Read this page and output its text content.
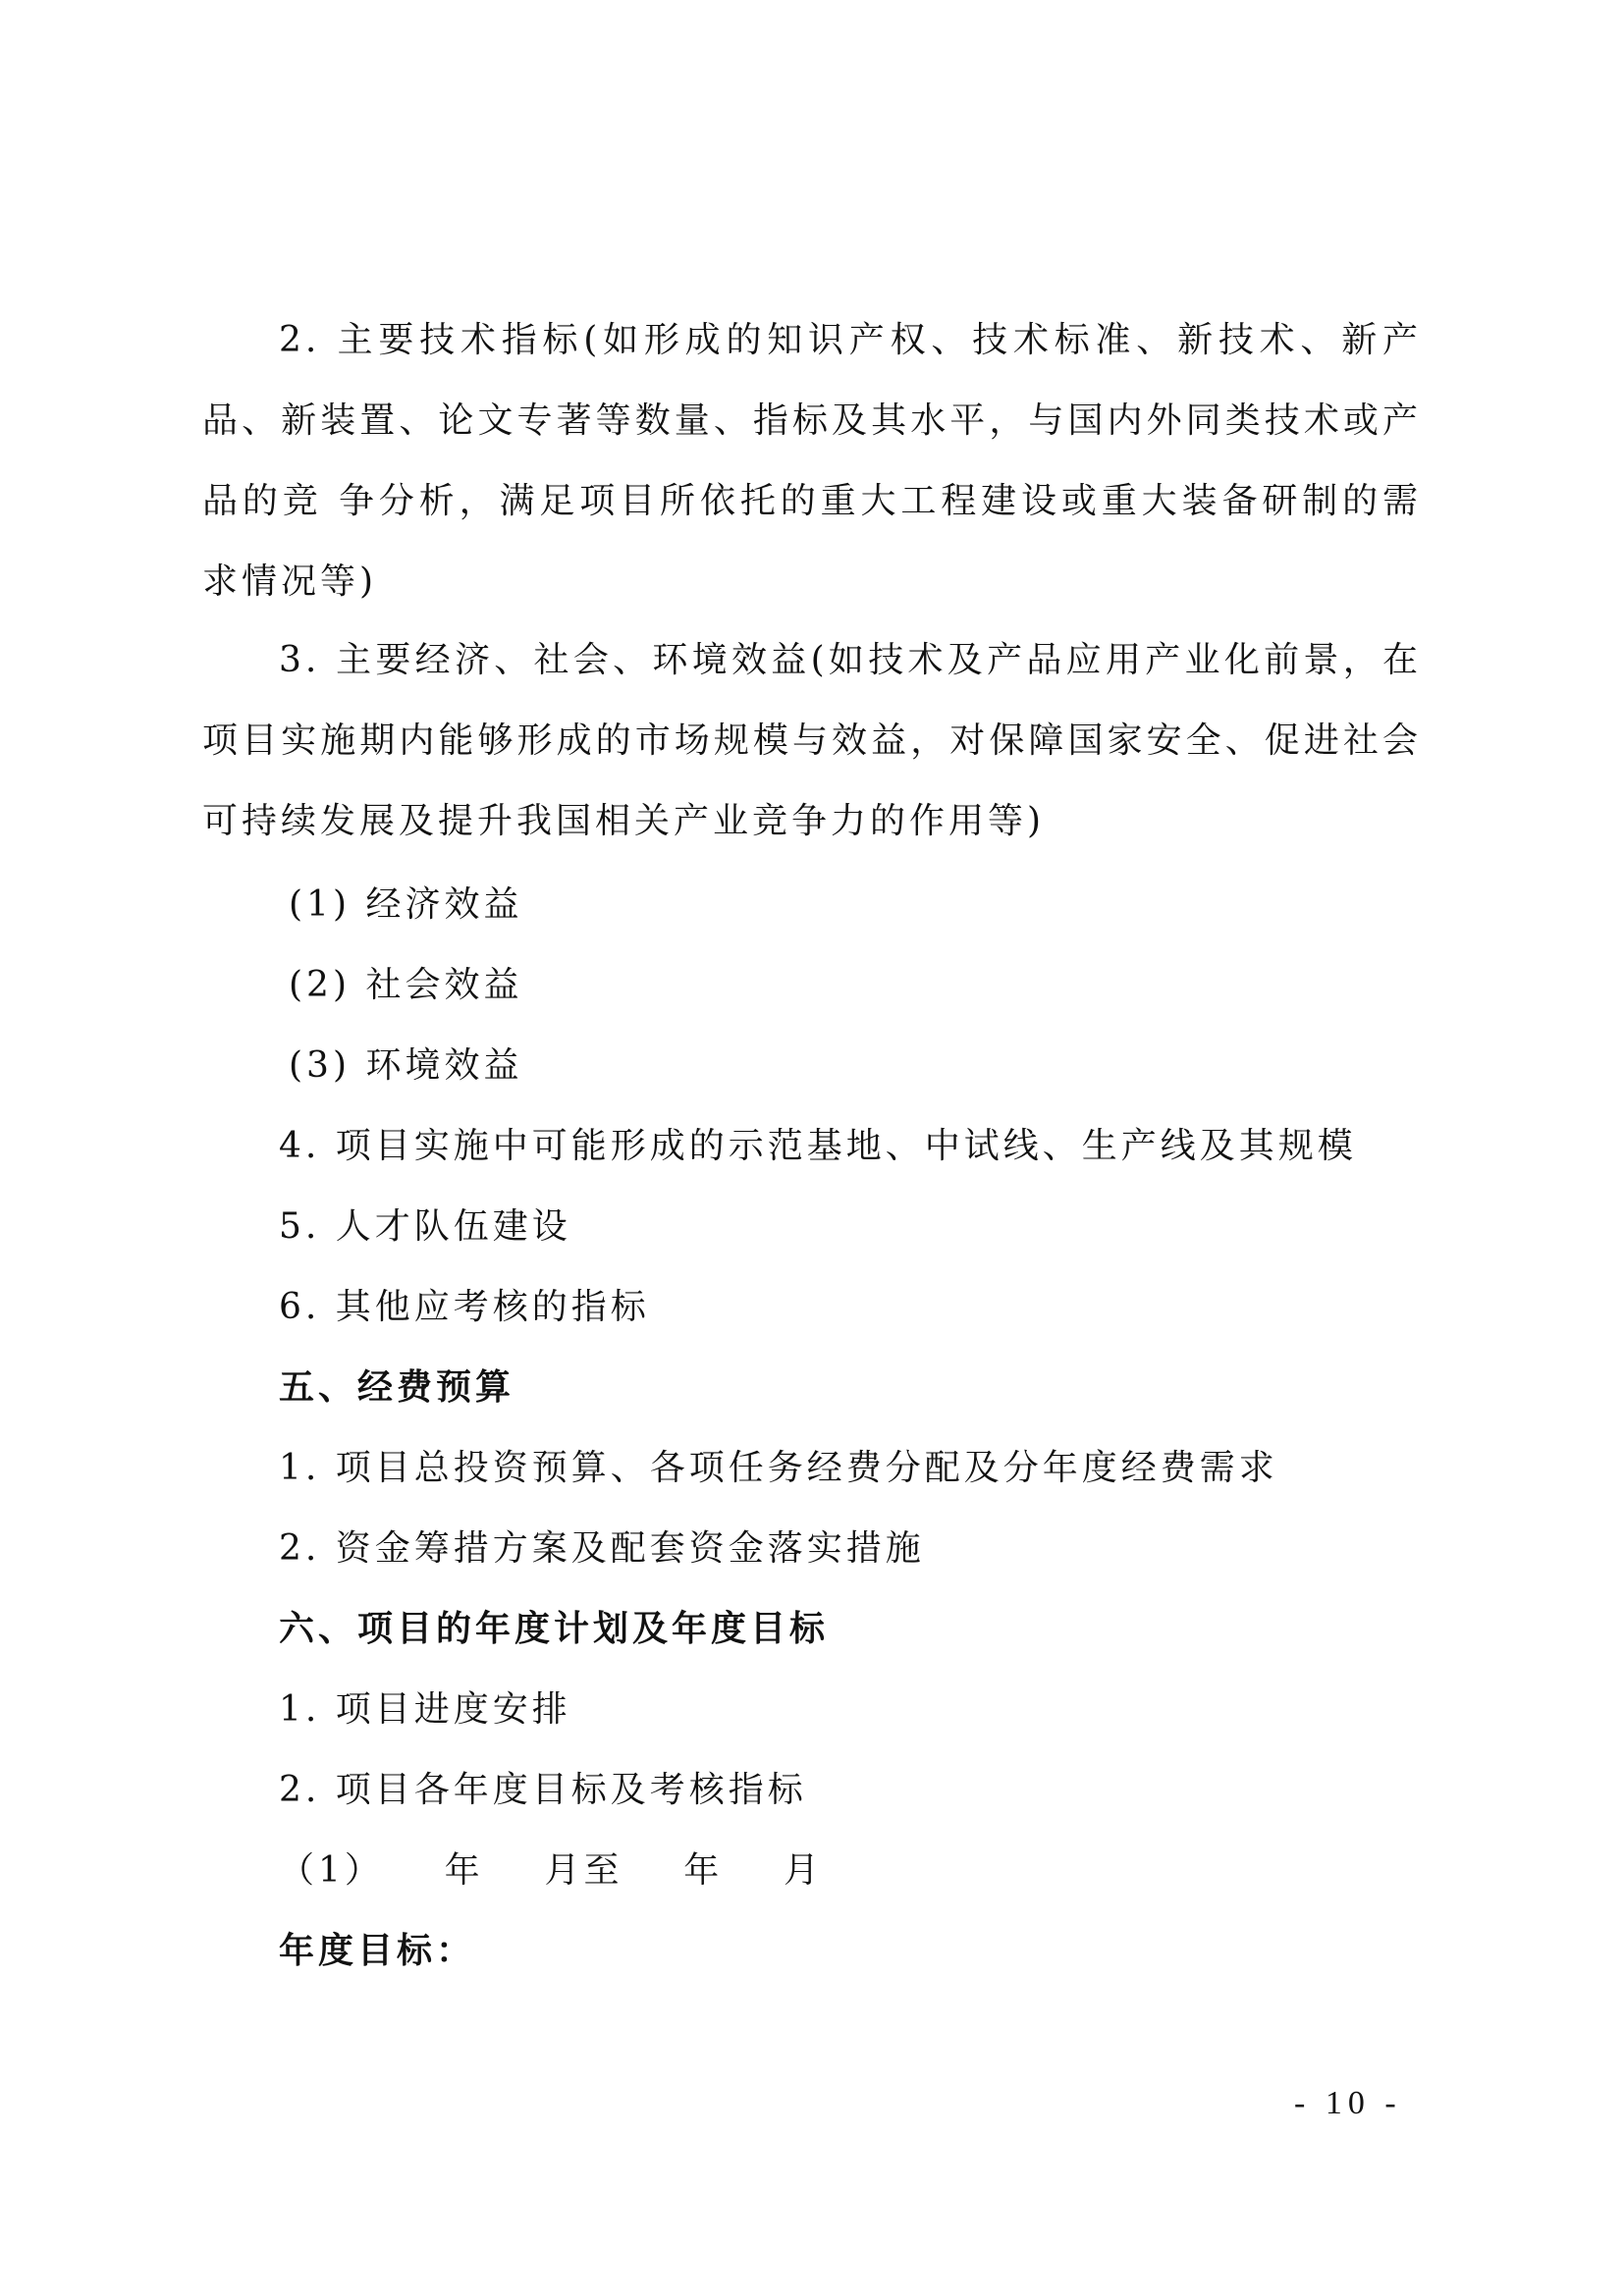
2. 主要技术指标(如形成的知识产权、技术标准、新技术、新产品、新装置、论文专著等数量、指标及其水平，与国内外同类技术或产品的竞 争分析，满足项目所依托的重大工程建设或重大装备研制的需求情况等)

3. 主要经济、社会、环境效益(如技术及产品应用产业化前景，在项目实施期内能够形成的市场规模与效益，对保障国家安全、促进社会可持续发展及提升我国相关产业竞争力的作用等)

(1) 经济效益

(2) 社会效益

(3) 环境效益

4. 项目实施中可能形成的示范基地、中试线、生产线及其规模

5. 人才队伍建设

6. 其他应考核的指标

五、经费预算

1. 项目总投资预算、各项任务经费分配及分年度经费需求

2. 资金筹措方案及配套资金落实措施

六、项目的年度计划及年度目标

1. 项目进度安排

2. 项目各年度目标及考核指标

（1）    年    月至    年    月

年度目标：

- 10 -
